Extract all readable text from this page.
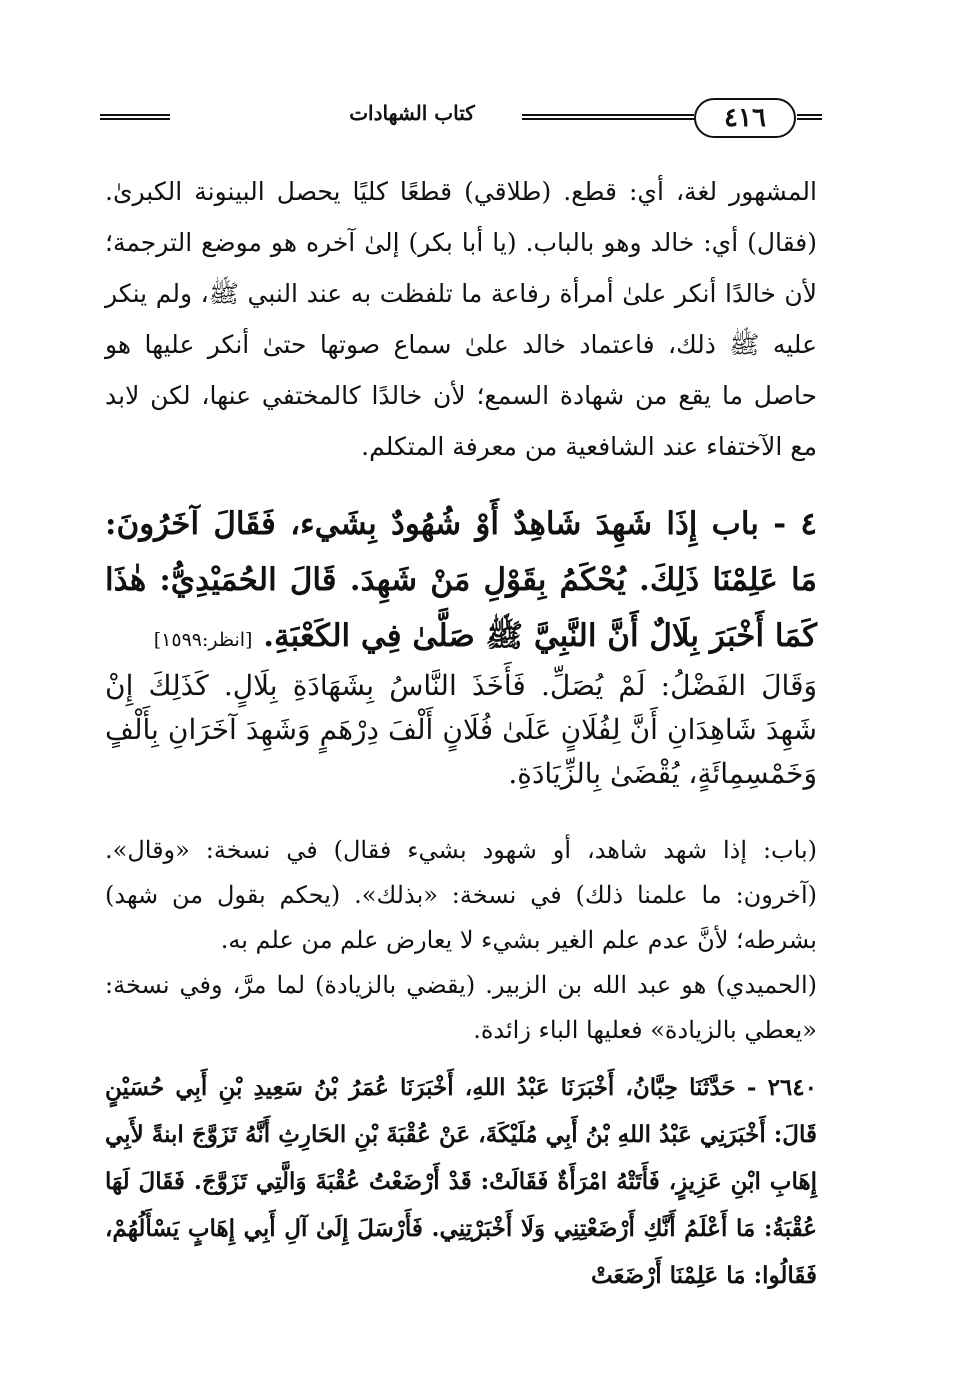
٤١٦
كتاب الشهادات

المشهور لغة، أي: قطع. (طلاقي) قطعًا كليًا يحصل البينونة الكبرىٰ. (فقال) أي: خالد وهو بالباب. (يا أبا بكر) إلىٰ آخره هو موضع الترجمة؛ لأن خالدًا أنكر علىٰ أمرأة رفاعة ما تلفظت به عند النبي ﷺ، ولم ينكر عليه ﷺ ذلك، فاعتماد خالد علىٰ سماع صوتها حتىٰ أنكر عليها هو حاصل ما يقع من شهادة السمع؛ لأن خالدًا كالمختفي عنها، لكن لابد مع الآختفاء عند الشافعية من معرفة المتكلم.

٤ - باب إِذَا شَهِدَ شَاهِدٌ أَوْ شُهُودٌ بِشَيء، فَقَالَ آخَرُونَ: مَا عَلِمْنَا ذَلِكَ. يُحْكَمُ بِقَوْلِ مَنْ شَهِدَ. قَالَ الحُمَيْدِيُّ: هٰذَا كَمَا أَخْبَرَ بِلَالٌ أَنَّ النَّبِيَّ ﷺ صَلَّىٰ فِي الكَعْبَةِ. [انظر:١٥٩٩]

وَقَالَ الفَضْلُ: لَمْ يُصَلِّ. فَأَخَذَ النَّاسُ بِشَهَادَةِ بِلَالٍ. كَذَلِكَ إِنْ شَهِدَ شَاهِدَانِ أَنَّ لِفُلَانٍ عَلَىٰ فُلَانٍ أَلْفَ دِرْهَمٍ وَشَهِدَ آخَرَانِ بِأَلْفٍ وَخَمْسِمِائَةٍ، يُقْضَىٰ بِالزِّيَادَةِ.

(باب: إذا شهد شاهد، أو شهود بشيء فقال) في نسخة: «وقال». (آخرون: ما علمنا ذلك) في نسخة: «بذلك». (يحكم بقول من شهد) بشرطه؛ لأنَّ عدم علم الغير بشيء لا يعارض علم من علم به.

(الحميدي) هو عبد الله بن الزبير. (يقضي بالزيادة) لما مرَّ، وفي نسخة: «يعطي بالزيادة» فعليها الباء زائدة.

٢٦٤٠ - حَدَّثَنَا حِبَّانُ، أَخْبَرَنَا عَبْدُ اللهِ، أَخْبَرَنَا عُمَرُ بْنُ سَعِيدِ بْنِ أَبِي حُسَيْنٍ قَالَ: أَخْبَرَنِي عَبْدُ اللهِ بْنُ أَبِي مُلَيْكَةَ، عَنْ عُقْبَةَ بْنِ الحَارِثِ أَنَّهُ تَزَوَّجَ ابنةً لأَبِي إِهَابِ ابْنِ عَزِيزٍ، فَأَتَتْهُ امْرَأَةٌ فَقَالَتْ: قَدْ أَرْضَعْتُ عُقْبَةَ وَالَّتِي تَزَوَّجَ. فَقَالَ لَهَا عُقْبَةُ: مَا أَعْلَمُ أَنَّكِ أَرْضَعْتِنِي وَلَا أَخْبَرْتِنِي. فَأَرْسَلَ إِلَىٰ آلِ أَبِي إِهَابٍ يَسْأَلُهُمْ، فَقَالُوا: مَا عَلِمْنَا أَرْضَعَتْ
